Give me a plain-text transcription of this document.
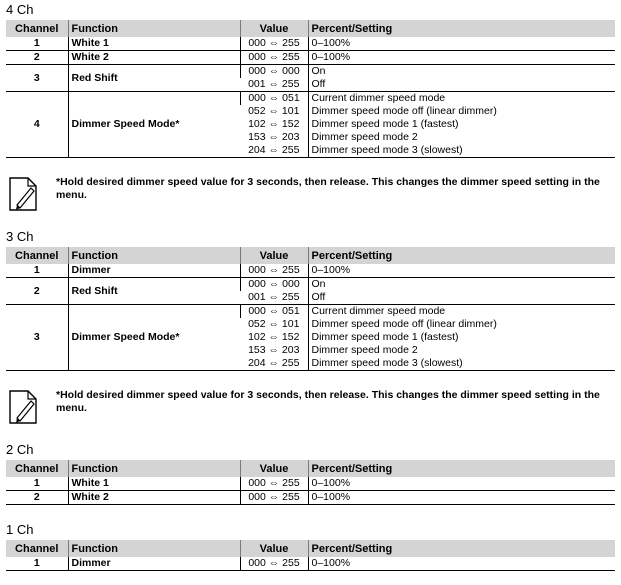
4 Ch
Channel	Function	Value	Percent/Setting
1	White 1	000 ⇔ 255	0–100%
2	White 2	000 ⇔ 255	0–100%
3	Red Shift	000 ⇔ 000	On
		001 ⇔ 255	Off
4	Dimmer Speed Mode*	000 ⇔ 051	Current dimmer speed mode
		052 ⇔ 101	Dimmer speed mode off (linear dimmer)
		102 ⇔ 152	Dimmer speed mode 1 (fastest)
		153 ⇔ 203	Dimmer speed mode 2
		204 ⇔ 255	Dimmer speed mode 3 (slowest)
*Hold desired dimmer speed value for 3 seconds, then release. This changes the dimmer speed setting in the menu.
3 Ch
Channel	Function	Value	Percent/Setting
1	Dimmer	000 ⇔ 255	0–100%
2	Red Shift	000 ⇔ 000	On
		001 ⇔ 255	Off
3	Dimmer Speed Mode*	000 ⇔ 051	Current dimmer speed mode
		052 ⇔ 101	Dimmer speed mode off (linear dimmer)
		102 ⇔ 152	Dimmer speed mode 1 (fastest)
		153 ⇔ 203	Dimmer speed mode 2
		204 ⇔ 255	Dimmer speed mode 3 (slowest)
*Hold desired dimmer speed value for 3 seconds, then release. This changes the dimmer speed setting in the menu.
2 Ch
Channel	Function	Value	Percent/Setting
1	White 1	000 ⇔ 255	0–100%
2	White 2	000 ⇔ 255	0–100%
1 Ch
Channel	Function	Value	Percent/Setting
1	Dimmer	000 ⇔ 255	0–100%
